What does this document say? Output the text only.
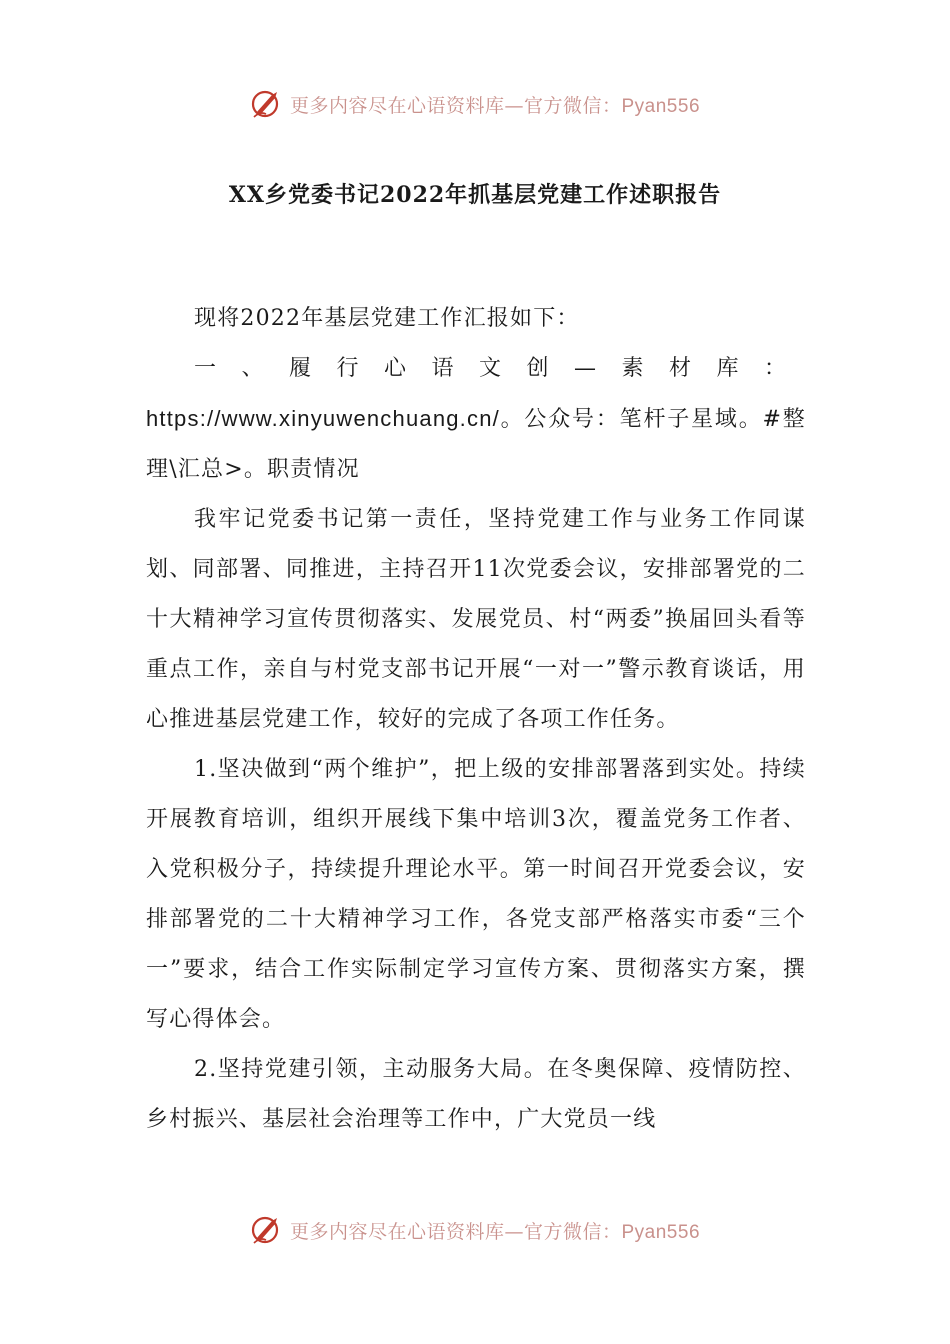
更多内容尽在心语资料库—官方微信：Pyan556
XX乡党委书记2022年抓基层党建工作述职报告

现将2022年基层党建工作汇报如下：

一、履行心语文创—素材库：https://www.xinyuwenchuang.cn/。公众号：笔杆子星域。#整理\汇总>。职责情况

我牢记党委书记第一责任，坚持党建工作与业务工作同谋划、同部署、同推进，主持召开11次党委会议，安排部署党的二十大精神学习宣传贯彻落实、发展党员、村“两委”换届回头看等重点工作，亲自与村党支部书记开展“一对一”警示教育谈话，用心推进基层党建工作，较好的完成了各项工作任务。

1.坚决做到“两个维护”，把上级的安排部署落到实处。持续开展教育培训，组织开展线下集中培训3次，覆盖党务工作者、入党积极分子，持续提升理论水平。第一时间召开党委会议，安排部署党的二十大精神学习工作，各党支部严格落实市委“三个一”要求，结合工作实际制定学习宣传方案、贯彻落实方案，撰写心得体会。

2.坚持党建引领，主动服务大局。在冬奥保障、疫情防控、乡村振兴、基层社会治理等工作中，广大党员一线

更多内容尽在心语资料库—官方微信：Pyan556
